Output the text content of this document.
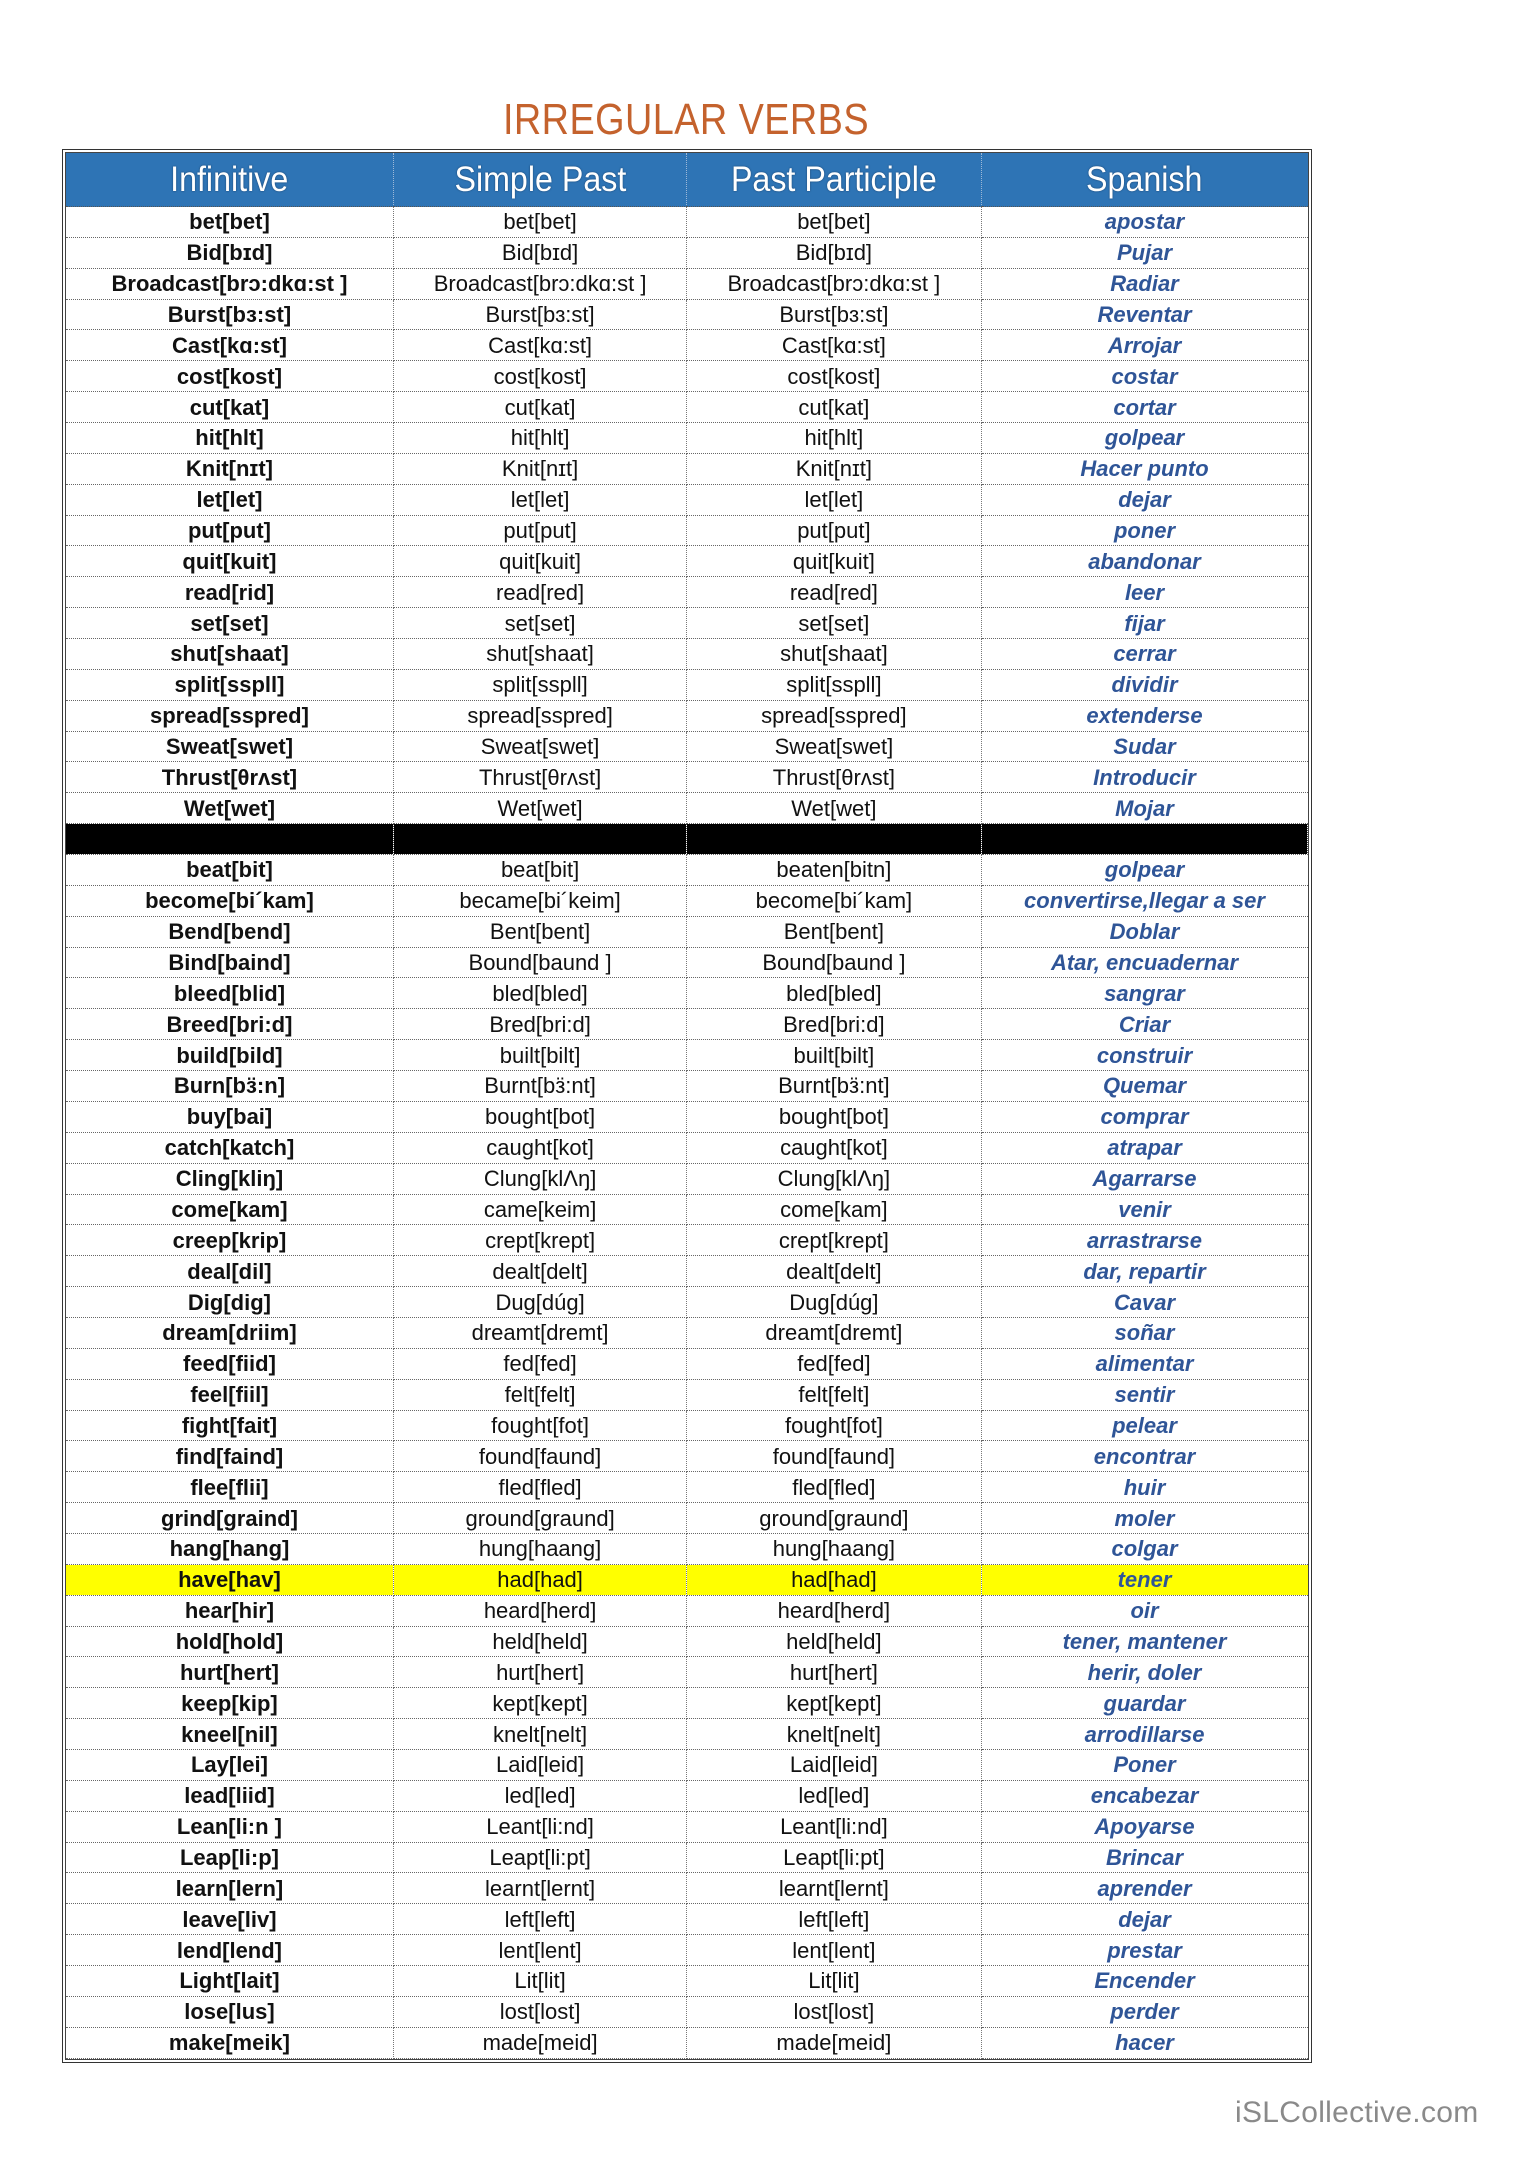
IRREGULAR VERBS
Infinitive	Simple Past	Past Participle	Spanish
bet[bet]	bet[bet]	bet[bet]	apostar
Bid[bɪd]	Bid[bɪd]	Bid[bɪd]	Pujar
Broadcast[brɔ:dkɑ:st ]	Broadcast[brɔ:dkɑ:st ]	Broadcast[brɔ:dkɑ:st ]	Radiar
Burst[bɜ:st]	Burst[bɜ:st]	Burst[bɜ:st]	Reventar
Cast[kɑ:st]	Cast[kɑ:st]	Cast[kɑ:st]	Arrojar
cost[kost]	cost[kost]	cost[kost]	costar
cut[kat]	cut[kat]	cut[kat]	cortar
hit[hlt]	hit[hlt]	hit[hlt]	golpear
Knit[nɪt]	Knit[nɪt]	Knit[nɪt]	Hacer punto
let[let]	let[let]	let[let]	dejar
put[put]	put[put]	put[put]	poner
quit[kuit]	quit[kuit]	quit[kuit]	abandonar
read[rid]	read[red]	read[red]	leer
set[set]	set[set]	set[set]	fijar
shut[shaat]	shut[shaat]	shut[shaat]	cerrar
split[sspll]	split[sspll]	split[sspll]	dividir
spread[sspred]	spread[sspred]	spread[sspred]	extenderse
Sweat[swet]	Sweat[swet]	Sweat[swet]	Sudar
Thrust[θrʌst]	Thrust[θrʌst]	Thrust[θrʌst]	Introducir
Wet[wet]	Wet[wet]	Wet[wet]	Mojar

beat[bit]	beat[bit]	beaten[bitn]	golpear
become[bi´kam]	became[bi´keim]	become[bi´kam]	convertirse,llegar a ser
Bend[bend]	Bent[bent]	Bent[bent]	Doblar
Bind[baind]	Bound[baund ]	Bound[baund ]	Atar, encuadernar
bleed[blid]	bled[bled]	bled[bled]	sangrar
Breed[bri:d]	Bred[bri:d]	Bred[bri:d]	Criar
build[bild]	built[bilt]	built[bilt]	construir
Burn[bӟ:n]	Burnt[bӟ:nt]	Burnt[bӟ:nt]	Quemar
buy[bai]	bought[bot]	bought[bot]	comprar
catch[katch]	caught[kot]	caught[kot]	atrapar
Cling[kliŋ]	Clung[klΛŋ]	Clung[klΛŋ]	Agarrarse
come[kam]	came[keim]	come[kam]	venir
creep[krip]	crept[krept]	crept[krept]	arrastrarse
deal[dil]	dealt[delt]	dealt[delt]	dar, repartir
Dig[dig]	Dug[dúg]	Dug[dúg]	Cavar
dream[driim]	dreamt[dremt]	dreamt[dremt]	soñar
feed[fiid]	fed[fed]	fed[fed]	alimentar
feel[fiil]	felt[felt]	felt[felt]	sentir
fight[fait]	fought[fot]	fought[fot]	pelear
find[faind]	found[faund]	found[faund]	encontrar
flee[flii]	fled[fled]	fled[fled]	huir
grind[graind]	ground[graund]	ground[graund]	moler
hang[hang]	hung[haang]	hung[haang]	colgar
have[hav]	had[had]	had[had]	tener
hear[hir]	heard[herd]	heard[herd]	oir
hold[hold]	held[held]	held[held]	tener, mantener
hurt[hert]	hurt[hert]	hurt[hert]	herir, doler
keep[kip]	kept[kept]	kept[kept]	guardar
kneel[nil]	knelt[nelt]	knelt[nelt]	arrodillarse
Lay[lei]	Laid[leid]	Laid[leid]	Poner
lead[liid]	led[led]	led[led]	encabezar
Lean[li:n ]	Leant[li:nd]	Leant[li:nd]	Apoyarse
Leap[li:p]	Leapt[li:pt]	Leapt[li:pt]	Brincar
learn[lern]	learnt[lernt]	learnt[lernt]	aprender
leave[liv]	left[left]	left[left]	dejar
lend[lend]	lent[lent]	lent[lent]	prestar
Light[lait]	Lit[lit]	Lit[lit]	Encender
lose[lus]	lost[lost]	lost[lost]	perder
make[meik]	made[meid]	made[meid]	hacer
iSLCollective.com
